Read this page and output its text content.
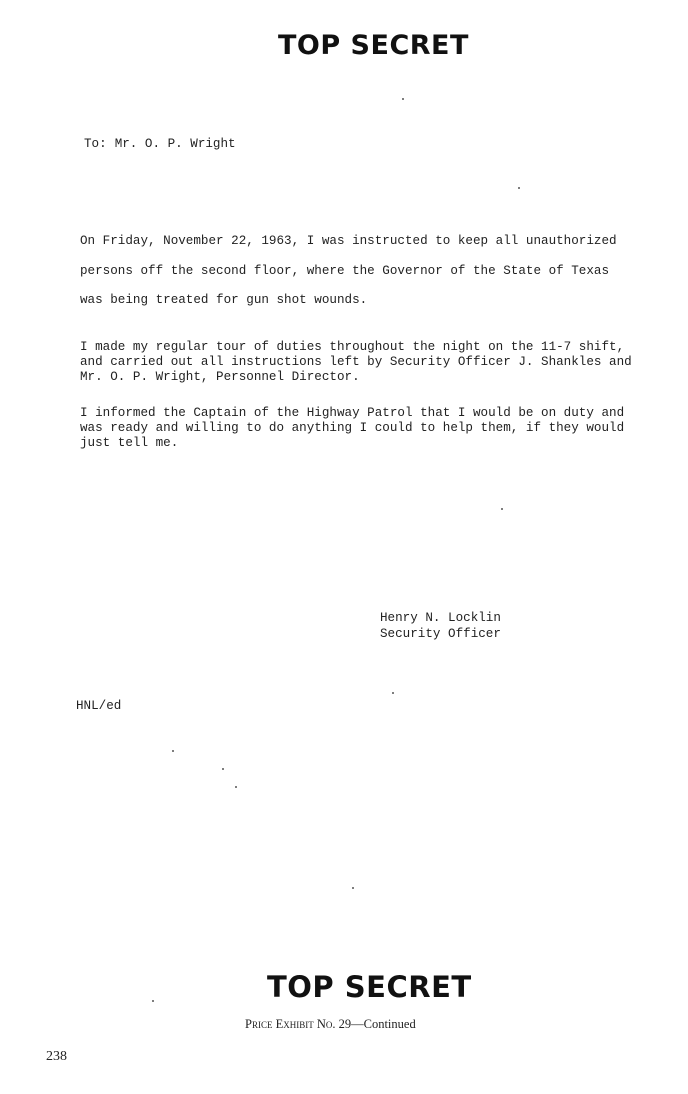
TOP SECRET
To: Mr. O. P. Wright
On Friday, November 22, 1963, I was instructed to keep all unauthorized
persons off the second floor, where the Governor of the State of Texas
was being treated for gun shot wounds.
I made my regular tour of duties throughout the night on the 11-7 shift,
and carried out all instructions left by Security Officer J. Shankles and
Mr. O. P. Wright, Personnel Director.
I informed the Captain of the Highway Patrol that I would be on duty and
was ready and willing to do anything I could to help them, if they would
just tell me.
Henry N. Locklin
Security Officer
HNL/ed
TOP SECRET
Price Exhibit No. 29—Continued
238
